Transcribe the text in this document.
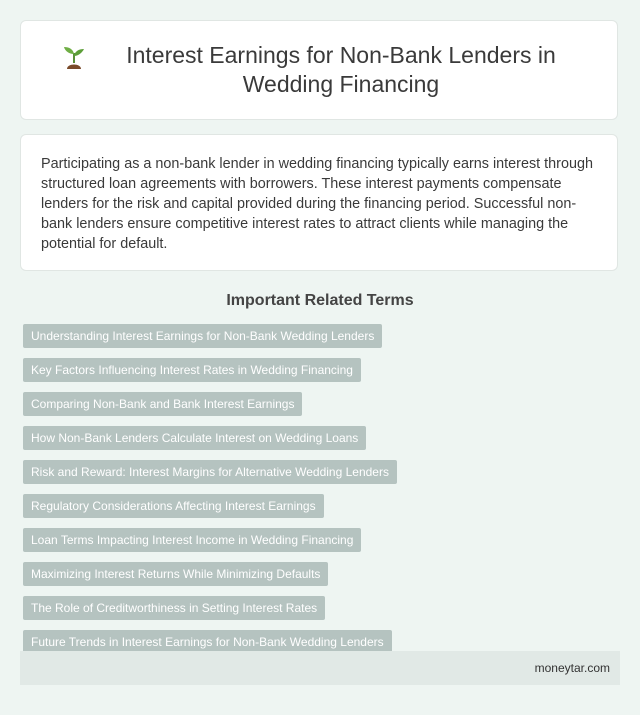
Interest Earnings for Non-Bank Lenders in Wedding Financing

Participating as a non-bank lender in wedding financing typically earns interest through structured loan agreements with borrowers. These interest payments compensate lenders for the risk and capital provided during the financing period. Successful non-bank lenders ensure competitive interest rates to attract clients while managing the potential for default.

Important Related Terms
Understanding Interest Earnings for Non-Bank Wedding Lenders
Key Factors Influencing Interest Rates in Wedding Financing
Comparing Non-Bank and Bank Interest Earnings
How Non-Bank Lenders Calculate Interest on Wedding Loans
Risk and Reward: Interest Margins for Alternative Wedding Lenders
Regulatory Considerations Affecting Interest Earnings
Loan Terms Impacting Interest Income in Wedding Financing
Maximizing Interest Returns While Minimizing Defaults
The Role of Creditworthiness in Setting Interest Rates
Future Trends in Interest Earnings for Non-Bank Wedding Lenders
moneytar.com
